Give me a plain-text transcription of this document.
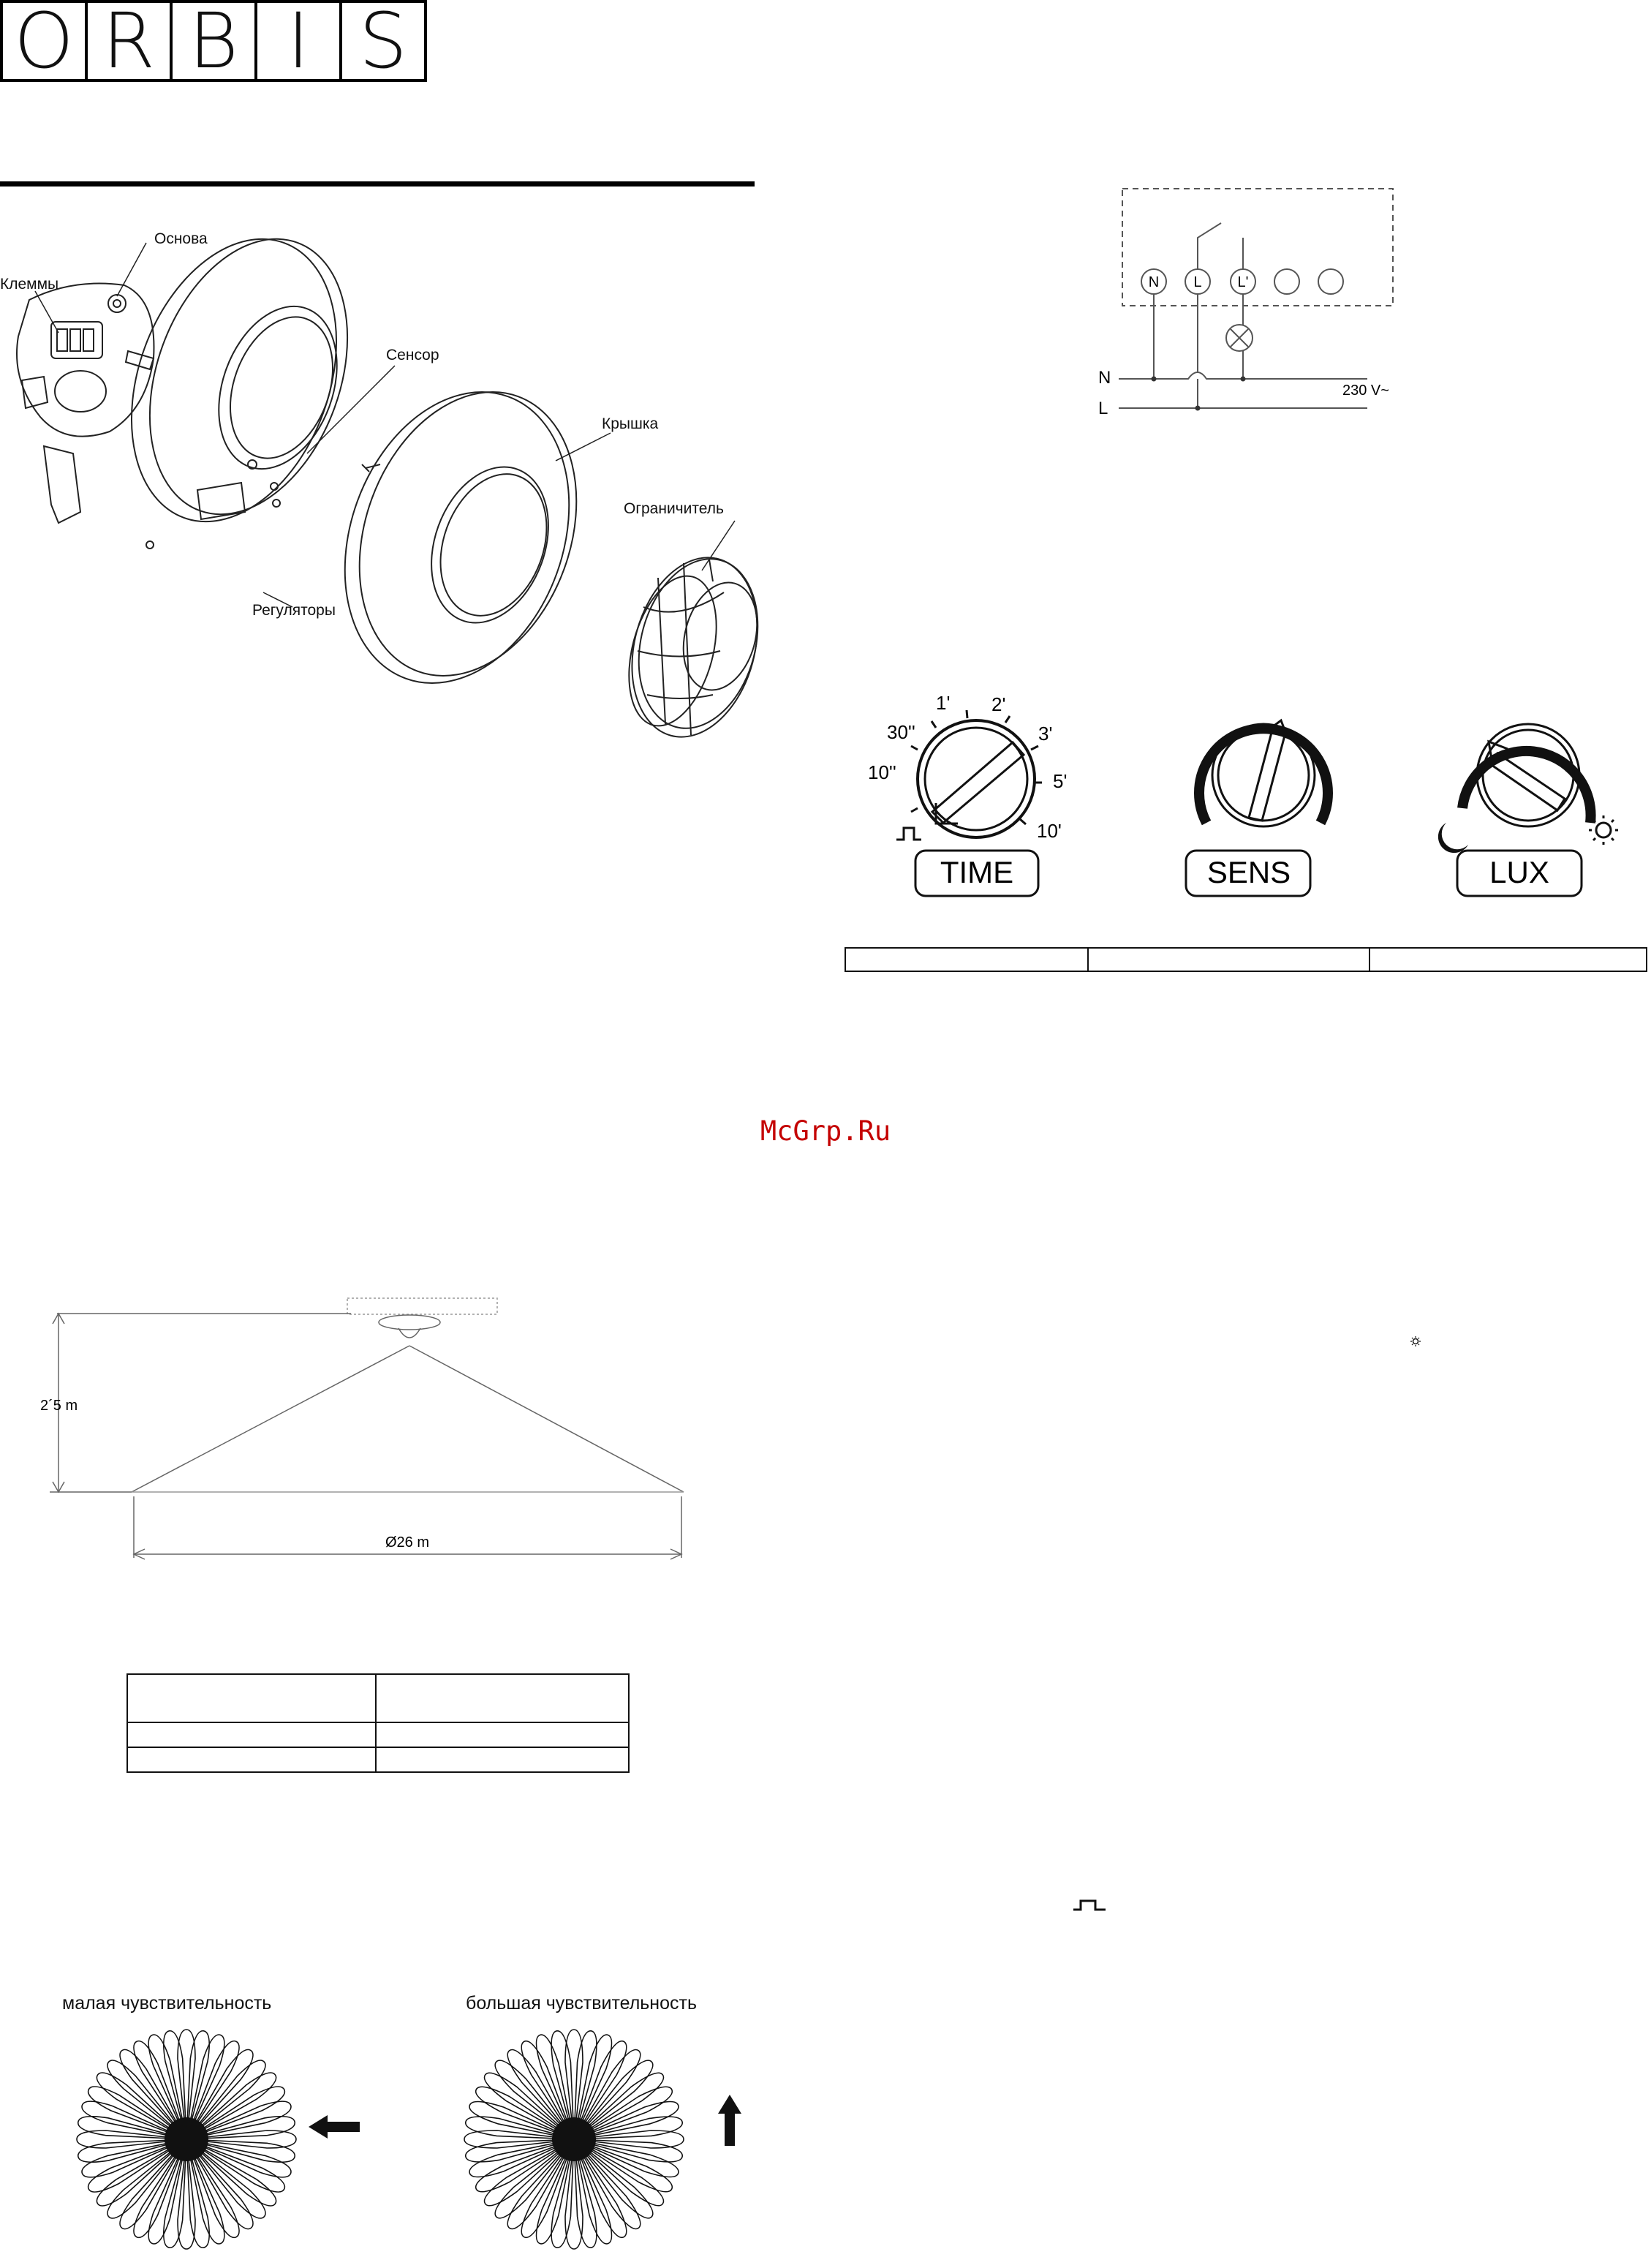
O R B I S
Основа
Клеммы
Сенсор
Крышка
Ограничитель
Регуляторы
N L L'
N
L
230 V~
30''
1' 2'
3'
5'
10''
10'
TIME	SENS	LUX

McGrp.Ru
2´5 m
Ø26 m

малая чувствительность	большая чувствительность
